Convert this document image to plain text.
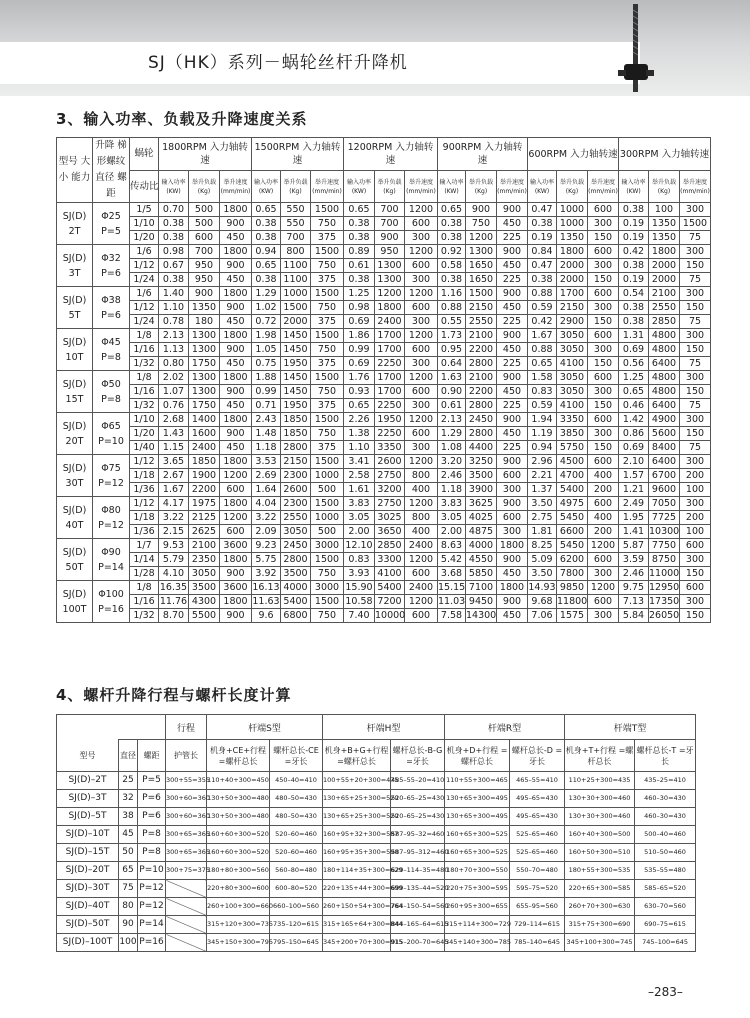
SJ（HK）系列－蜗轮丝杆升降机
3、输入功率、负载及升降速度关系
型号 大小 能力	升降 梯形螺纹 直径 螺距	蜗轮	1800RPM 入力轴转速			1500RPM 入力轴转速			1200RPM 入力轴转速			900RPM 入力轴转速			600RPM 入力轴转速			300RPM 入力轴转速		
		传动比	输入功率 (KW)	举升负载 (Kg)	举升速度 (mm/min)	输入功率 (KW)	举升负载 (Kg)	举升速度 (mm/min)	输入功率 (KW)	举升负载 (Kg)	举升速度 (mm/min)	输入功率 (KW)	举升负载 (Kg)	举升速度 (mm/min)	输入功率 (KW)	举升负载 (Kg)	举升速度 (mm/min)	输入功率 (KW)	举升负载 (Kg)	举升速度 (mm/min)
SJ(D) 2T	Φ25 P=5	1/5	0.70	500	1800	0.65	550	1500	0.65	700	1200	0.65	900	900	0.47	1000	600	0.38	100	300
		1/10	0.38	500	900	0.38	550	750	0.38	700	600	0.38	750	450	0.38	1000	300	0.19	1350	1500
		1/20	0.38	600	450	0.38	700	375	0.38	900	300	0.38	1200	225	0.19	1350	150	0.19	1350	75
SJ(D) 3T	Φ32 P=6	1/6	0.98	700	1800	0.94	800	1500	0.89	950	1200	0.92	1300	900	0.84	1800	600	0.42	1800	300
		1/12	0.67	950	900	0.65	1100	750	0.61	1300	600	0.58	1650	450	0.47	2000	300	0.38	2000	150
		1/24	0.38	950	450	0.38	1100	375	0.38	1300	300	0.38	1650	225	0.38	2000	150	0.19	2000	75
SJ(D) 5T	Φ38 P=6	1/6	1.40	900	1800	1.29	1000	1500	1.25	1200	1200	1.16	1500	900	0.88	1700	600	0.54	2100	300
		1/12	1.10	1350	900	1.02	1500	750	0.98	1800	600	0.88	2150	450	0.59	2150	300	0.38	2550	150
		1/24	0.78	180	450	0.72	2000	375	0.69	2400	300	0.55	2550	225	0.42	2900	150	0.38	2850	75
SJ(D) 10T	Φ45 P=8	1/8	2.13	1300	1800	1.98	1450	1500	1.86	1700	1200	1.73	2100	900	1.67	3050	600	1.31	4800	300
		1/16	1.13	1300	900	1.05	1450	750	0.99	1700	600	0.95	2200	450	0.88	3050	300	0.69	4800	150
		1/32	0.80	1750	450	0.75	1950	375	0.69	2250	300	0.64	2800	225	0.65	4100	150	0.56	6400	75
SJ(D) 15T	Φ50 P=8	1/8	2.02	1300	1800	1.88	1450	1500	1.76	1700	1200	1.63	2100	900	1.58	3050	600	1.25	4800	300
		1/16	1.07	1300	900	0.99	1450	750	0.93	1700	600	0.90	2200	450	0.83	3050	300	0.65	4800	150
		1/32	0.76	1750	450	0.71	1950	375	0.65	2250	300	0.61	2800	225	0.59	4100	150	0.46	6400	75
SJ(D) 20T	Φ65 P=10	1/10	2.68	1400	1800	2.43	1850	1500	2.26	1950	1200	2.13	2450	900	1.94	3350	600	1.42	4900	300
		1/20	1.43	1600	900	1.48	1850	750	1.38	2250	600	1.29	2800	450	1.19	3850	300	0.86	5600	150
		1/40	1.15	2400	450	1.18	2800	375	1.10	3350	300	1.08	4400	225	0.94	5750	150	0.69	8400	75
SJ(D) 30T	Φ75 P=12	1/12	3.65	1850	1800	3.53	2150	1500	3.41	2600	1200	3.20	3250	900	2.96	4500	600	2.10	6400	300
		1/18	2.67	1900	1200	2.69	2300	1000	2.58	2750	800	2.46	3500	600	2.21	4700	400	1.57	6700	200
		1/36	1.67	2200	600	1.64	2600	500	1.61	3200	400	1.18	3900	300	1.37	5400	200	1.21	9600	100
SJ(D) 40T	Φ80 P=12	1/12	4.17	1975	1800	4.04	2300	1500	3.83	2750	1200	3.83	3625	900	3.50	4975	600	2.49	7050	300
		1/18	3.22	2125	1200	3.22	2550	1000	3.05	3025	800	3.05	4025	600	2.75	5450	400	1.95	7725	200
		1/36	2.15	2625	600	2.09	3050	500	2.00	3650	400	2.00	4875	300	1.81	6600	200	1.41	10300	100
SJ(D) 50T	Φ90 P=14	1/7	9.53	2100	3600	9.23	2450	3000	12.10	2850	2400	8.63	4000	1800	8.25	5450	1200	5.87	7750	600
		1/14	5.79	2350	1800	5.75	2800	1500	0.83	3300	1200	5.42	4550	900	5.09	6200	600	3.59	8750	300
		1/28	4.10	3050	900	3.92	3500	750	3.93	4100	600	3.68	5850	450	3.50	7800	300	2.46	11000	150
SJ(D) 100T	Φ100 P=16	1/8	16.35	3500	3600	16.13	4000	3000	15.90	5400	2400	15.15	7100	1800	14.93	9850	1200	9.75	12950	600
		1/16	11.76	4300	1800	11.63	5400	1500	10.58	7200	1200	11.03	9450	900	9.68	11800	600	7.13	17350	300
		1/32	8.70	5500	900	9.6	6800	750	7.40	10000	600	7.58	14300	450	7.06	1575	300	5.84	26050	150
4、螺杆升降行程与螺杆长度计算
			行程	杆端S型		杆端H型		杆端R型		杆端T型	
型号	直径	螺距	护管长	机身+CE+行程 =螺杆总长	螺杆总长-CE =牙长	机身+B+G+行程 =螺杆总长	螺杆总长-B-G =牙长	机身+D+行程 =螺杆总长	螺杆总长-D =牙长	机身+T+行程 =螺杆总长	螺杆总长-T =牙长
SJ(D)–2T	25	P=5	300+55=355	110+40+300=450	450–40=410	100+55+20+300=475	485–55–20=410	110+55+300=465	465–55=410	110+25+300=435	435–25=410
SJ(D)–3T	32	P=6	300+60=360	130+50+300=480	480–50=430	130+65+25+300=520	520–65–25=430	130+65+300=495	495–65=430	130+30+300=460	460–30=430
SJ(D)–5T	38	P=6	300+60=360	130+50+300=480	480–50=430	130+65+25+300=520	520–65–25=430	130+65+300=495	495–65=430	130+30+300=460	460–30=430
SJ(D)–10T	45	P=8	300+65=365	160+60+300=520	520–60=460	160+95+32+300=587	587–95–32=460	160+65+300=525	525–65=460	160+40+300=500	500–40=460
SJ(D)–15T	50	P=8	300+65=365	160+60+300=520	520–60=460	160+95+35+300=590	587–95–312=460	160+65+300=525	525–65=460	160+50+300=510	510–50=460
SJ(D)–20T	65	P=10	300+75=375	180+80+300=560	560–80=480	180+114+35+300=629	629–114–35=480	180+70+300=550	550–70=480	180+55+300=535	535–55=480
SJ(D)–30T	75	P=12		220+80+300=600	600–80=520	220+135+44+300=699	699–135–44=520	220+75+300=595	595–75=520	220+65+300=585	585–65=520
SJ(D)–40T	80	P=12		260+100+300=660	660–100=560	260+150+54+300=764	764–150–54=560	260+95+300=655	655–95=560	260+70+300=630	630–70=560
SJ(D)–50T	90	P=14		315+120+300=735	735–120=615	315+165+64+300=844	844–165–64=615	315+114+300=729	729–114=615	315+75+300=690	690–75=615
SJ(D)–100T	100	P=16		345+150+300=795	795–150=645	345+200+70+300=915	915–200–70=645	345+140+300=785	785–140=645	345+100+300=745	745–100=645
–283–
